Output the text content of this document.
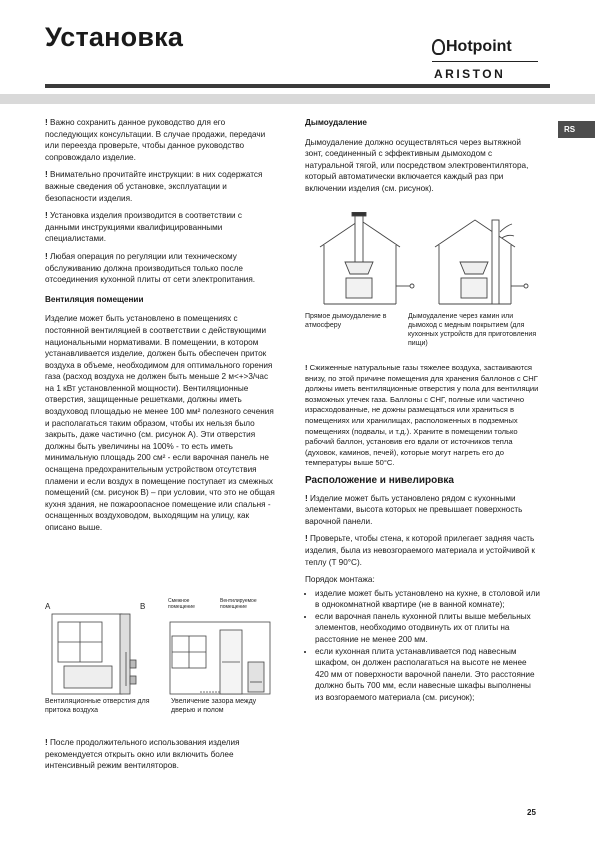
Установка	Hotpoint
ARISTON
RS

! Важно сохранить данное руководство для его последующих консультации. В случае продажи, передачи или переезда проверьте, чтобы данное руководство сопровождало изделие.

! Внимательно прочитайте инструкции: в них содержатся важные сведения об установке, эксплуатации и безопасности изделия.

! Установка изделия производится в соответствии с данными инструкциями квалифицированными специалистами.

! Любая операция по регуляции или техническому обслуживанию должна производиться только после отсоединения кухонной плиты от сети электропитания.

Вентиляция помещении

Изделие может быть установлено в помещениях с постоянной вентиляцией в соответствии с действующими национальными нормативами. В помещении, в котором устанавливается изделие, должен быть обеспечен приток воздуха в объеме, необходимом для оптимального горения газа (расход воздуха не должен быть меньше 2 м<+>3/час на 1 кВт установленной мощности). Вентиляционные отверстия, защищенные решетками, должны иметь воздуховод площадью не менее 100 мм² полезного сечения и располагаться таким образом, чтобы их нельзя было закрыть, даже частично (см. рисунок А). Эти отверстия должны быть увеличины на 100% - то есть иметь минимальную площадь 200 см² - если варочная панель не оснащена предохранительным устройством отсутствия пламени и если воздух в помещение поступает из смежных помещений (см. рисунок В) – при условии, что это не общая кухня здания, не пожароопасное помещение или спальня - оснащенных воздуховодом, выходящим на улицу, как описано выше.

A	B
Смежное помещение
Вентилируемое помещение
Вентиляционные отверстия для притока воздуха
Увеличение зазора между дверью и полом

! После продолжительного использования изделия рекомендуется открыть окно или включить более интенсивный режим вентиляторов.

Дымоудаление

Дымоудаление должно осуществляться через вытяжной зонт, соединенный с эффективным дымоходом с натуральной тягой, или посредством электровентилятора, который автоматически включается каждый раз при включении изделия (см. рисунок).

Прямое дымоудаление в атмосферу
Дымоудаление через камин или дымоход с медным покрытием (для кухонных устройств для приготовления пищи)

! Сжиженные натуральные газы тяжелее воздуха, застаиваются внизу, по этой причине помещения для хранения баллонов с СНГ должны иметь вентиляционные отверстия у пола для вентиляции возможных утечек газа. Баллоны с СНГ, полные или частично израсходованные, не дожны размещаться или храниться в помещениях или хранилищах, расположенных в подземных помещениях (подвалы, и т.д.). Храните в помещении только рабочий баллон, установив его вдали от источников тепла (духовок, каминов, печей), которые могут нагреть его до температуры выше 50°C.

Расположение и нивелировка

! Изделие может быть установлено рядом с кухонными элементами, высота которых не превышает поверхность варочной панели.

! Проверьте, чтобы стена, к которой прилегает задняя часть изделия, была из невозгораемого материала и устойчивой к теплу (T 90°C).

Порядок монтажа:

• изделие может быть установлено на кухне, в столовой или в однокомнатной квартире (не в ванной комнате);
• если варочная панель кухонной плиты выше мебельных элементов, необходимо отодвинуть их от плиты на расстояние не менее 200 мм.
• если кухонная плита устанавливается под навесным шкафом, он должен располагаться на высоте не менее 420 мм от поверхности варочной панели. Это расстояние должно быть 700 мм, если навесные шкафы выполнены из возгораемого материала (см. рисунок);
25
